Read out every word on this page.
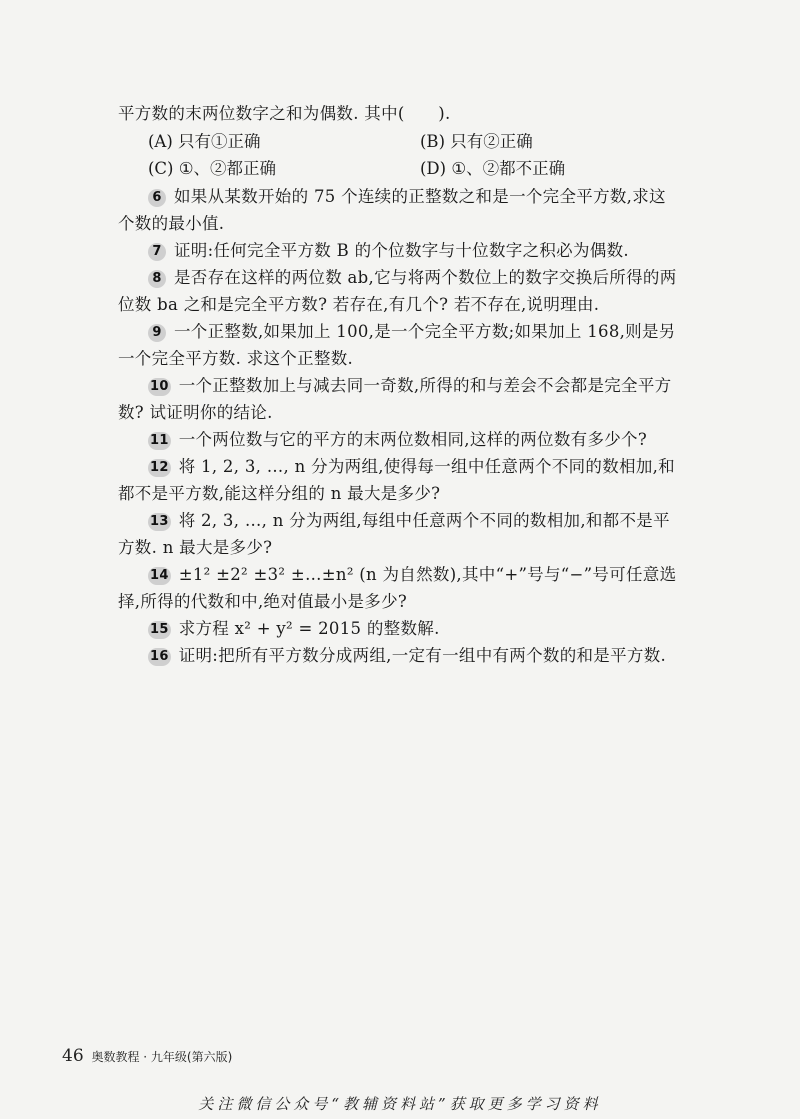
平方数的末两位数字之和为偶数. 其中(　　).
(A) 只有①正确	(B) 只有②正确
(C) ①、②都正确	(D) ①、②都不正确
6 如果从某数开始的 75 个连续的正整数之和是一个完全平方数,求这
个数的最小值.
7 证明:任何完全平方数 B 的个位数字与十位数字之积必为偶数.
8 是否存在这样的两位数 ab,它与将两个数位上的数字交换后所得的两
位数 ba 之和是完全平方数? 若存在,有几个? 若不存在,说明理由.
9 一个正整数,如果加上 100,是一个完全平方数;如果加上 168,则是另
一个完全平方数. 求这个正整数.
10 一个正整数加上与减去同一奇数,所得的和与差会不会都是完全平方
数? 试证明你的结论.
11 一个两位数与它的平方的末两位数相同,这样的两位数有多少个?
12 将 1, 2, 3, …, n 分为两组,使得每一组中任意两个不同的数相加,和
都不是平方数,能这样分组的 n 最大是多少?
13 将 2, 3, …, n 分为两组,每组中任意两个不同的数相加,和都不是平
方数. n 最大是多少?
14 ±1² ±2² ±3² ±…±n² (n 为自然数),其中“+”号与“−”号可任意选
择,所得的代数和中,绝对值最小是多少?
15 求方程 x² + y² = 2015 的整数解.
16 证明:把所有平方数分成两组,一定有一组中有两个数的和是平方数.
46 奥数教程 · 九年级(第六版)
关注微信公众号“教辅资料站”获取更多学习资料
